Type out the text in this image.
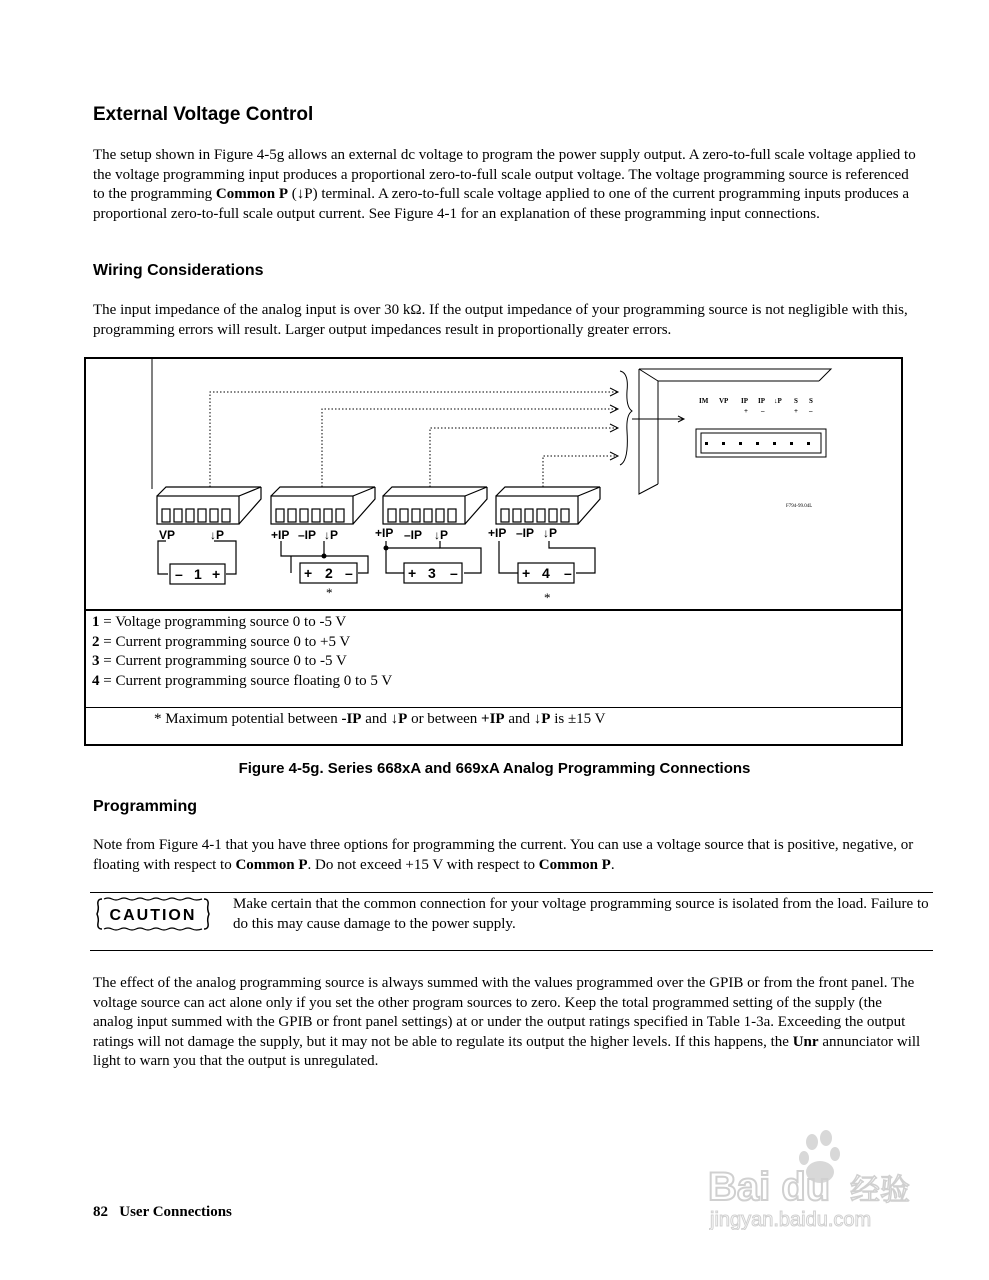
External Voltage Control
The setup shown in Figure 4-5g allows an external dc voltage to program the power supply output. A zero-to-full scale voltage applied to the voltage programming input produces a proportional zero-to-full scale output voltage. The voltage programming source is referenced to the programming Common P (↓P) terminal. A zero-to-full scale voltage applied to one of the current programming inputs produces a proportional zero-to-full scale output current. See Figure 4-1 for an explanation of these programming input connections.
Wiring Considerations
The input impedance of the analog input is over 30 kΩ. If the output impedance of your programming source is not negligible with this, programming errors will result. Larger output impedances result in proportionally greater errors.
IM VP IP IP ↓P S S
+ –	+ –
F794-99.04L
VP	↓P	+IP –IP ↓P	+IP –IP ↓P	+IP –IP ↓P
– 1 +	+ 2 –	+ 3 –	+ 4 –
*	*
1 = Voltage programming source 0 to -5 V
2 = Current programming source 0 to +5 V
3 = Current programming source 0 to -5 V
4 = Current programming source floating 0 to 5 V
* Maximum potential between -IP and ↓P or between +IP and ↓P is ±15 V
Figure 4-5g. Series 668xA and 669xA Analog Programming Connections
Programming
Note from Figure 4-1 that you have three options for programming the current. You can use a voltage source that is positive, negative, or floating with respect to Common P. Do not exceed +15 V with respect to Common P.
CAUTION
Make certain that the common connection for your voltage programming source is isolated from the load. Failure to do this may cause damage to the power supply.
The effect of the analog programming source is always summed with the values programmed over the GPIB or from the front panel. The voltage source can act alone only if you set the other program sources to zero. Keep the total programmed setting of the supply (the analog input summed with the GPIB or front panel settings) at or under the output ratings specified in Table 1-3a. Exceeding the output ratings will not damage the supply, but it may not be able to regulate its output the higher levels. If this happens, the Unr annunciator will light to warn you that the output is unregulated.
Bai du 经验
jingyan.baidu.com
82 User Connections
